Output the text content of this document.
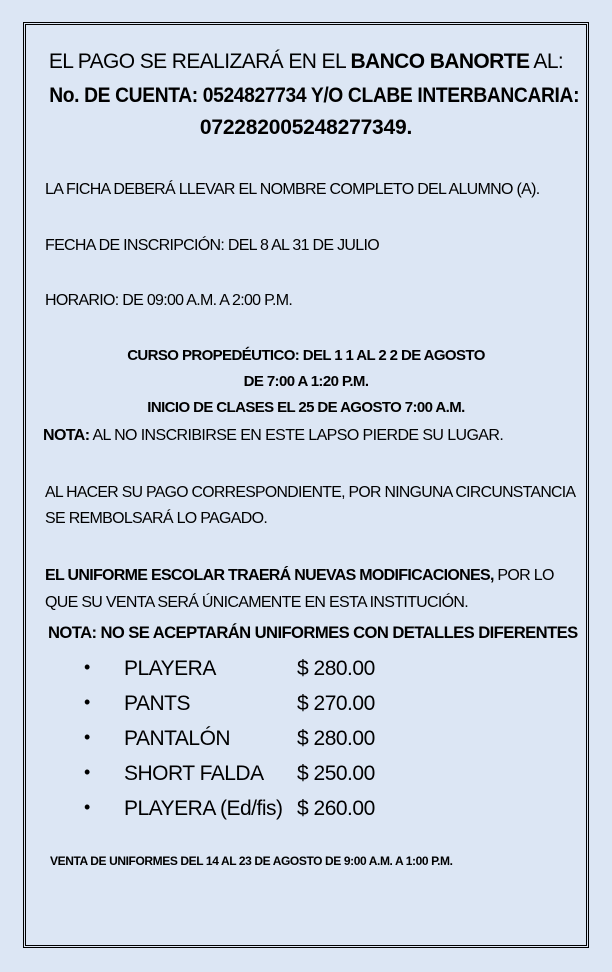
EL PAGO SE REALIZARÁ EN EL BANCO BANORTE AL:
No. DE CUENTA: 0524827734 Y/O CLABE INTERBANCARIA:
072282005248277349.
LA FICHA DEBERÁ LLEVAR EL NOMBRE COMPLETO DEL ALUMNO (A).
FECHA DE INSCRIPCIÓN: DEL 8 AL 31 DE JULIO
HORARIO: DE 09:00 A.M. A 2:00 P.M.
CURSO PROPEDÉUTICO: DEL 1 1 AL 2 2 DE AGOSTO
DE 7:00 A 1:20 P.M.
INICIO DE CLASES EL 25 DE AGOSTO 7:00 A.M.
NOTA: AL NO INSCRIBIRSE EN ESTE LAPSO PIERDE SU LUGAR.
AL HACER SU PAGO CORRESPONDIENTE, POR NINGUNA CIRCUNSTANCIA
SE REMBOLSARÁ LO PAGADO.
EL UNIFORME ESCOLAR TRAERÁ NUEVAS MODIFICACIONES, POR LO
QUE SU VENTA SERÁ ÚNICAMENTE EN ESTA INSTITUCIÓN.
NOTA: NO SE ACEPTARÁN UNIFORMES CON DETALLES DIFERENTES
• PLAYERA	$ 280.00
• PANTS	$ 270.00
• PANTALÓN	$ 280.00
• SHORT FALDA $ 250.00
• PLAYERA (Ed/fis) $ 260.00
VENTA DE UNIFORMES DEL 14 AL 23 DE AGOSTO DE 9:00 A.M. A 1:00 P.M.
